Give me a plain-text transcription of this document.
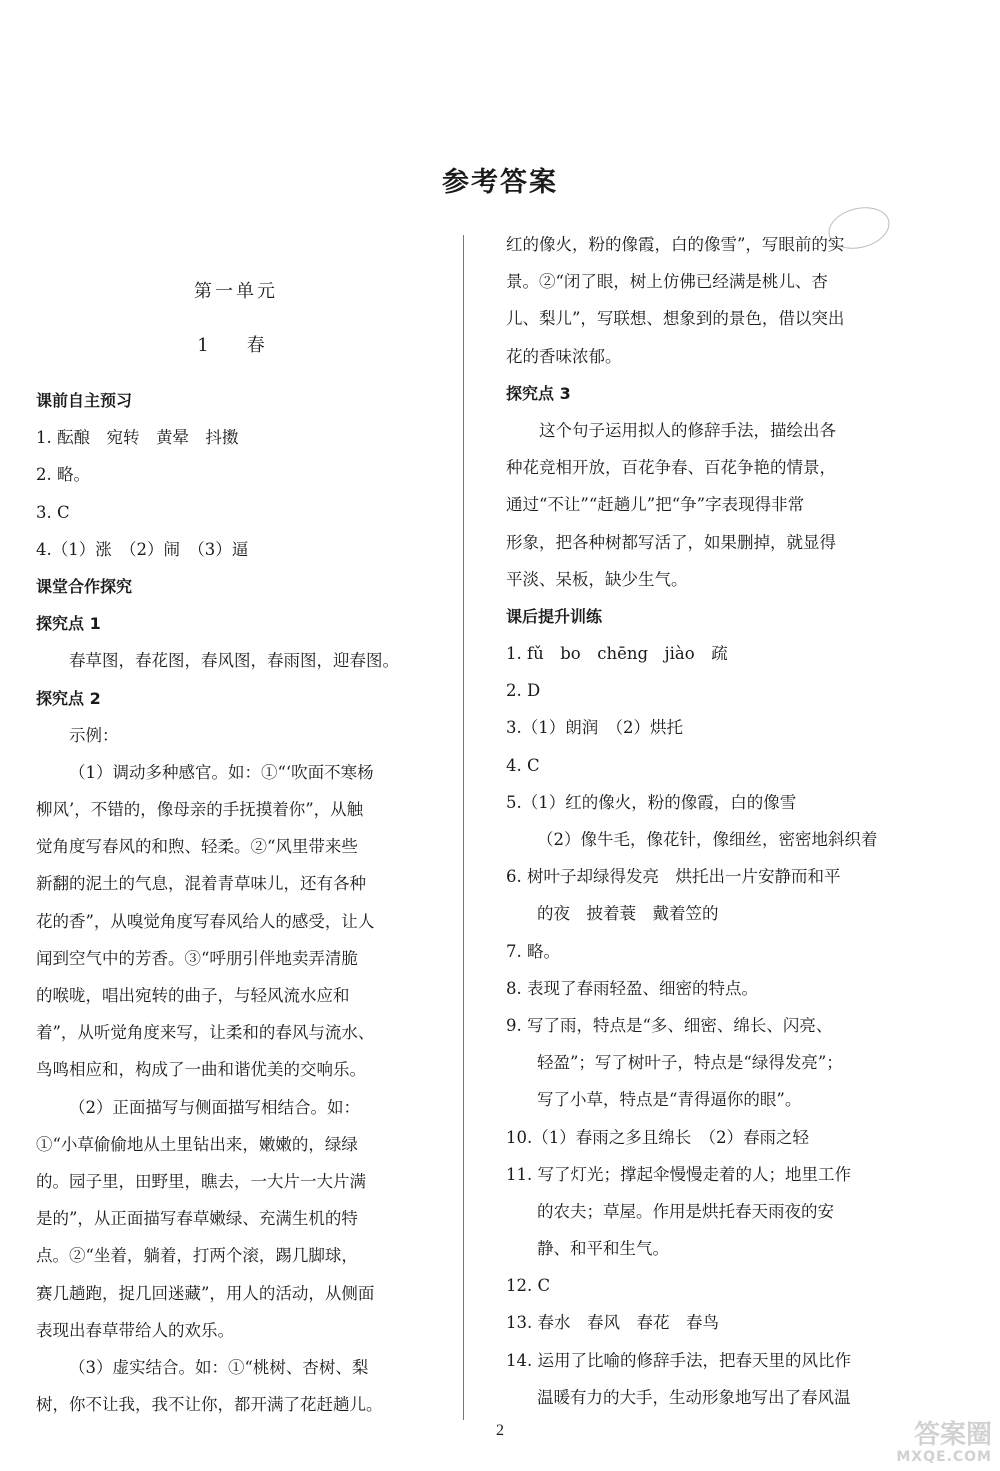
参考答案
第一单元
1　春
课前自主预习
1. 酝酿　宛转　黄晕　抖擞
2. 略。
3. C
4.（1）涨　（2）闹　（3）逼
课堂合作探究
探究点 1
春草图，春花图，春风图，春雨图，迎春图。
探究点 2
示例：
（1）调动多种感官。如：①“‘吹面不寒杨
柳风’，不错的，像母亲的手抚摸着你”，从触
觉角度写春风的和煦、轻柔。②“风里带来些
新翻的泥土的气息，混着青草味儿，还有各种
花的香”，从嗅觉角度写春风给人的感受，让人
闻到空气中的芳香。③“呼朋引伴地卖弄清脆
的喉咙，唱出宛转的曲子，与轻风流水应和
着”，从听觉角度来写，让柔和的春风与流水、
鸟鸣相应和，构成了一曲和谐优美的交响乐。
（2）正面描写与侧面描写相结合。如：
①“小草偷偷地从土里钻出来，嫩嫩的，绿绿
的。园子里，田野里，瞧去，一大片一大片满
是的”，从正面描写春草嫩绿、充满生机的特
点。②“坐着，躺着，打两个滚，踢几脚球，
赛几趟跑，捉几回迷藏”，用人的活动，从侧面
表现出春草带给人的欢乐。
（3）虚实结合。如：①“桃树、杏树、梨
树，你不让我，我不让你，都开满了花赶趟儿。
红的像火，粉的像霞，白的像雪”，写眼前的实
景。②“闭了眼，树上仿佛已经满是桃儿、杏
儿、梨儿”，写联想、想象到的景色，借以突出
花的香味浓郁。
探究点 3
这个句子运用拟人的修辞手法，描绘出各
种花竞相开放，百花争春、百花争艳的情景，
通过“不让”“赶趟儿”把“争”字表现得非常
形象，把各种树都写活了，如果删掉，就显得
平淡、呆板，缺少生气。
课后提升训练
1. fǔ　bo　chēng　jiào　疏
2. D
3.（1）朗润　（2）烘托
4. C
5.（1）红的像火，粉的像霞，白的像雪
（2）像牛毛，像花针，像细丝，密密地斜织着
6. 树叶子却绿得发亮　烘托出一片安静而和平
的夜　披着蓑　戴着笠的
7. 略。
8. 表现了春雨轻盈、细密的特点。
9. 写了雨，特点是“多、细密、绵长、闪亮、
轻盈”；写了树叶子，特点是“绿得发亮”；
写了小草，特点是“青得逼你的眼”。
10.（1）春雨之多且绵长　（2）春雨之轻
11. 写了灯光；撑起伞慢慢走着的人；地里工作
的农夫；草屋。作用是烘托春天雨夜的安
静、和平和生气。
12. C
13. 春水　春风　春花　春鸟
14. 运用了比喻的修辞手法，把春天里的风比作
温暖有力的大手，生动形象地写出了春风温
2	答案圈
MXQE.COM
